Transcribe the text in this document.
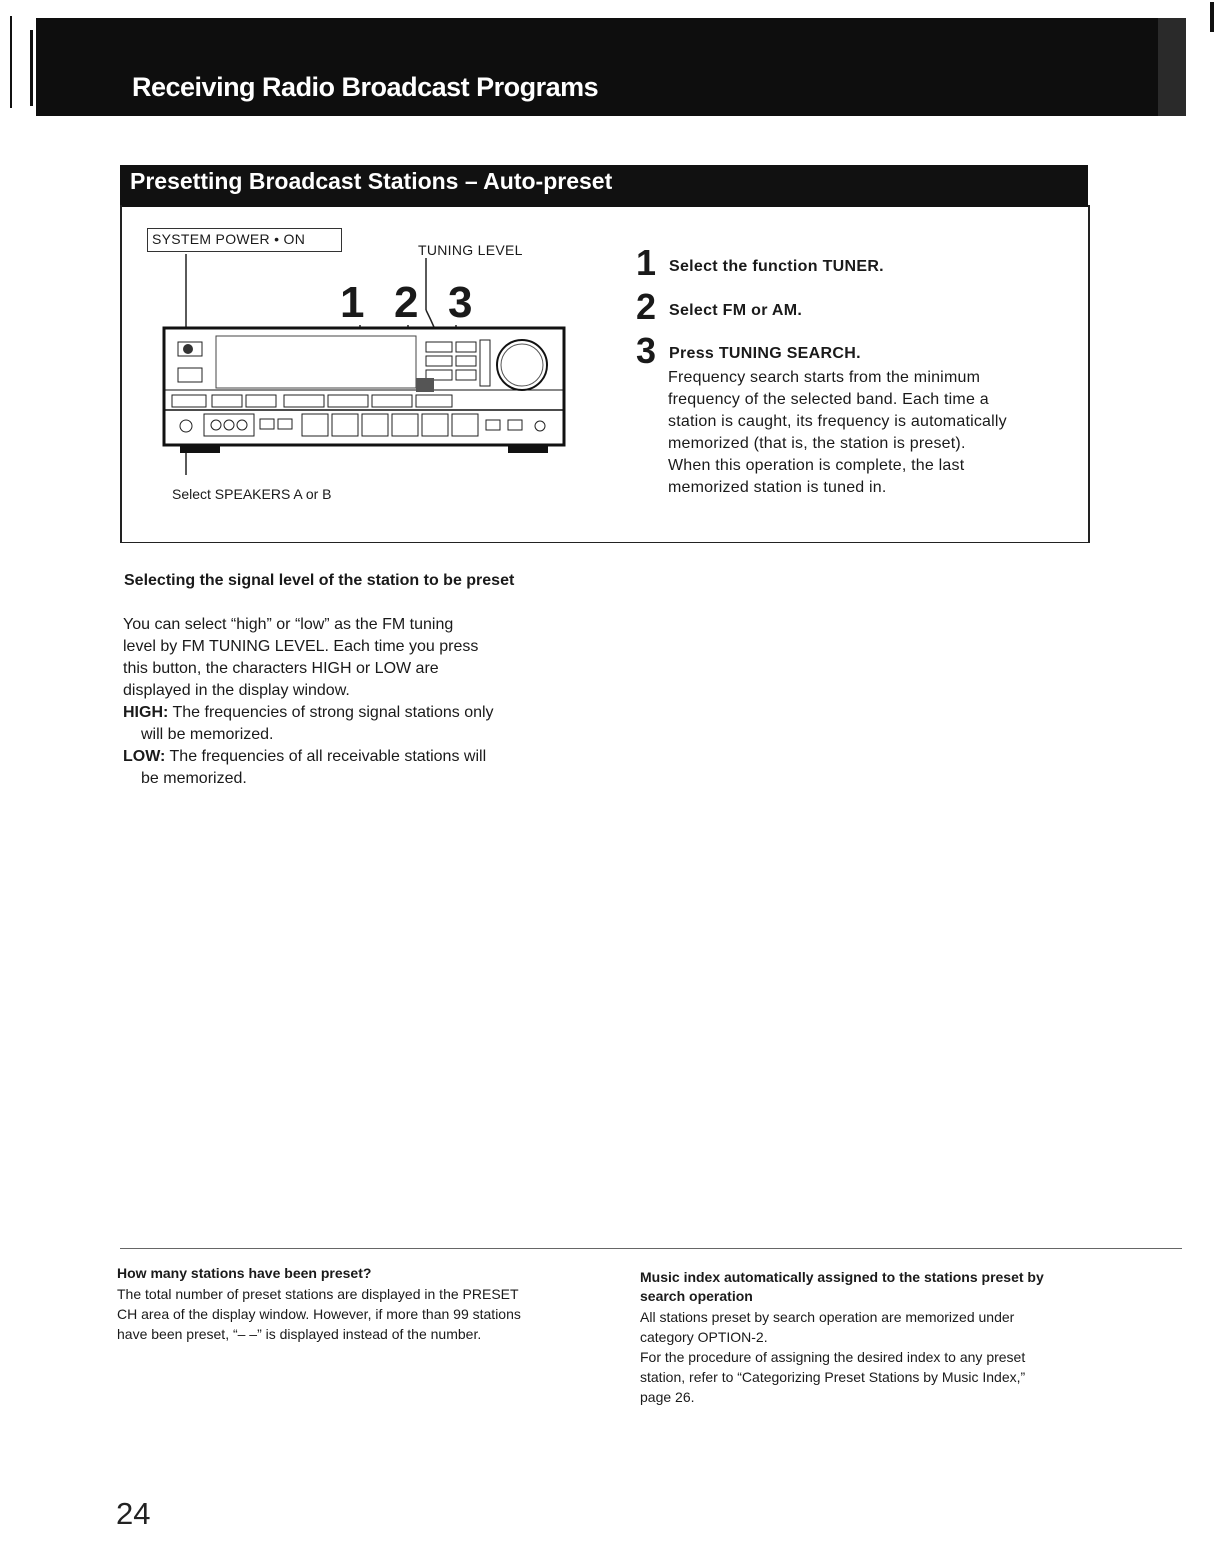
Receiving Radio Broadcast Programs
Presetting Broadcast Stations – Auto-preset
SYSTEM POWER • ON
TUNING LEVEL
1 2 3
Select SPEAKERS A or B
1 Select the function TUNER.
2 Select FM or AM.
3 Press TUNING SEARCH.
Frequency search starts from the minimum
frequency of the selected band. Each time a
station is caught, its frequency is automatically
memorized (that is, the station is preset).
When this operation is complete, the last
memorized station is tuned in.
Selecting the signal level of the station to be preset
You can select “high” or “low” as the FM tuning
level by FM TUNING LEVEL. Each time you press
this button, the characters HIGH or LOW are
displayed in the display window.
HIGH: The frequencies of strong signal stations only
will be memorized.
LOW: The frequencies of all receivable stations will
be memorized.
How many stations have been preset?
The total number of preset stations are displayed in the PRESET
CH area of the display window. However, if more than 99 stations
have been preset, “– –” is displayed instead of the number.
Music index automatically assigned to the stations preset by
search operation
All stations preset by search operation are memorized under
category OPTION-2.
For the procedure of assigning the desired index to any preset
station, refer to “Categorizing Preset Stations by Music Index,”
page 26.
24
